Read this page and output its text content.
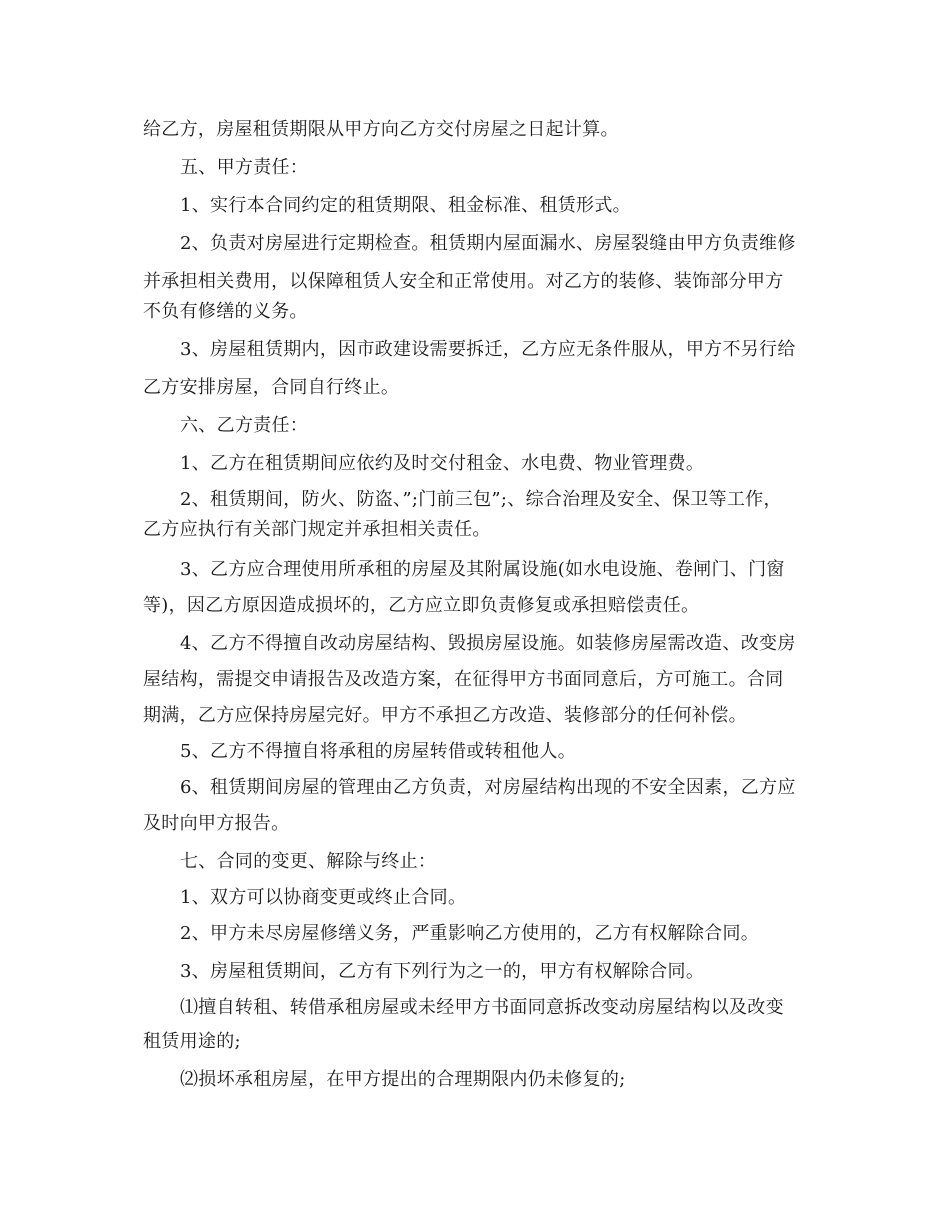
给乙方，房屋租赁期限从甲方向乙方交付房屋之日起计算。
五、甲方责任：
1、实行本合同约定的租赁期限、租金标准、租赁形式。
2、负责对房屋进行定期检查。租赁期内屋面漏水、房屋裂缝由甲方负责维修
并承担相关费用，以保障租赁人安全和正常使用。对乙方的装修、装饰部分甲方
不负有修缮的义务。
3、房屋租赁期内，因市政建设需要拆迁，乙方应无条件服从，甲方不另行给
乙方安排房屋，合同自行终止。
六、乙方责任：
1、乙方在租赁期间应依约及时交付租金、水电费、物业管理费。
2、租赁期间，防火、防盗、”;门前三包”;、综合治理及安全、保卫等工作，
乙方应执行有关部门规定并承担相关责任。
3、乙方应合理使用所承租的房屋及其附属设施(如水电设施、卷闸门、门窗
等)，因乙方原因造成损坏的，乙方应立即负责修复或承担赔偿责任。
4、乙方不得擅自改动房屋结构、毁损房屋设施。如装修房屋需改造、改变房
屋结构，需提交申请报告及改造方案，在征得甲方书面同意后，方可施工。合同
期满，乙方应保持房屋完好。甲方不承担乙方改造、装修部分的任何补偿。
5、乙方不得擅自将承租的房屋转借或转租他人。
6、租赁期间房屋的管理由乙方负责，对房屋结构出现的不安全因素，乙方应
及时向甲方报告。
七、合同的变更、解除与终止：
1、双方可以协商变更或终止合同。
2、甲方未尽房屋修缮义务，严重影响乙方使用的，乙方有权解除合同。
3、房屋租赁期间，乙方有下列行为之一的，甲方有权解除合同。
⑴擅自转租、转借承租房屋或未经甲方书面同意拆改变动房屋结构以及改变
租赁用途的;
⑵损坏承租房屋，在甲方提出的合理期限内仍未修复的;
